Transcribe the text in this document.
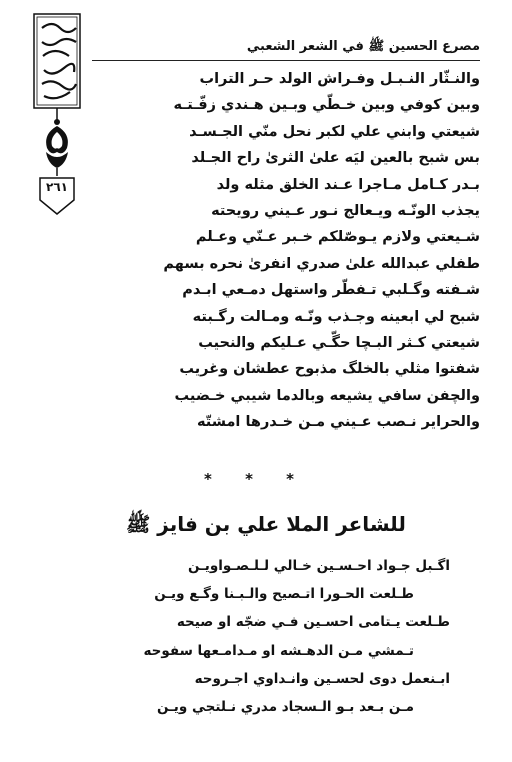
٢٦١
مصرع الحسين ﷺ في الشعر الشعبي
والنـثّار النـبـل وفـراش الولد حـر التراب
وبين كوفي وبين خـطّي وبـين هـندي زفّـتـه
شيعتي وابني علي لكبر نحل منّي الجـسـد
بس شبح بالعين ليَه علىٰ الثرىٰ راح الجـلد
بـدر كـامل مـاجرا عـند الخلق مثله ولد
يجذب الونّـه ويـعالج نـور عـيني رويحته
شـيعتي ولازم يـوصّلكم خـبر عـنّي وعـلم
طفلي عبدالله علىٰ صدري انفرىٰ نحره بسهم
شـفته وگـلبي تـفطّر واستهل دمـعي ابـدم
شبح لي ابعينه وجـذب ونّـه ومـالت رگـبته
شيعتي كـثر البـچا حگّـي عـليكم والنحيب
شفتوا مثلي بالخلگ مذبوح عطشان وغريب
والچفن سافي يشيعه وبالدما شيبي خـضيب
والحراير نـصب عـيني مـن خـدرها امشتّه
* * *
للشاعر الملا علي بن فايز ﷺ
اگـبل جـواد احـسـين خـالي لـلـصـواويـن
طـلعت الحـورا اتـصيح والـبـنا وگـع ويـن
طـلعت يـتامى احسـين فـي ضجّه او صيحه
تـمشي مـن الدهـشه او مـدامـعها سفوحه
ابـنعمل دوى لحسـين وانـداوي اجـروحه
مـن بـعد بـو الـسجاد مدري نـلتجي ويـن
